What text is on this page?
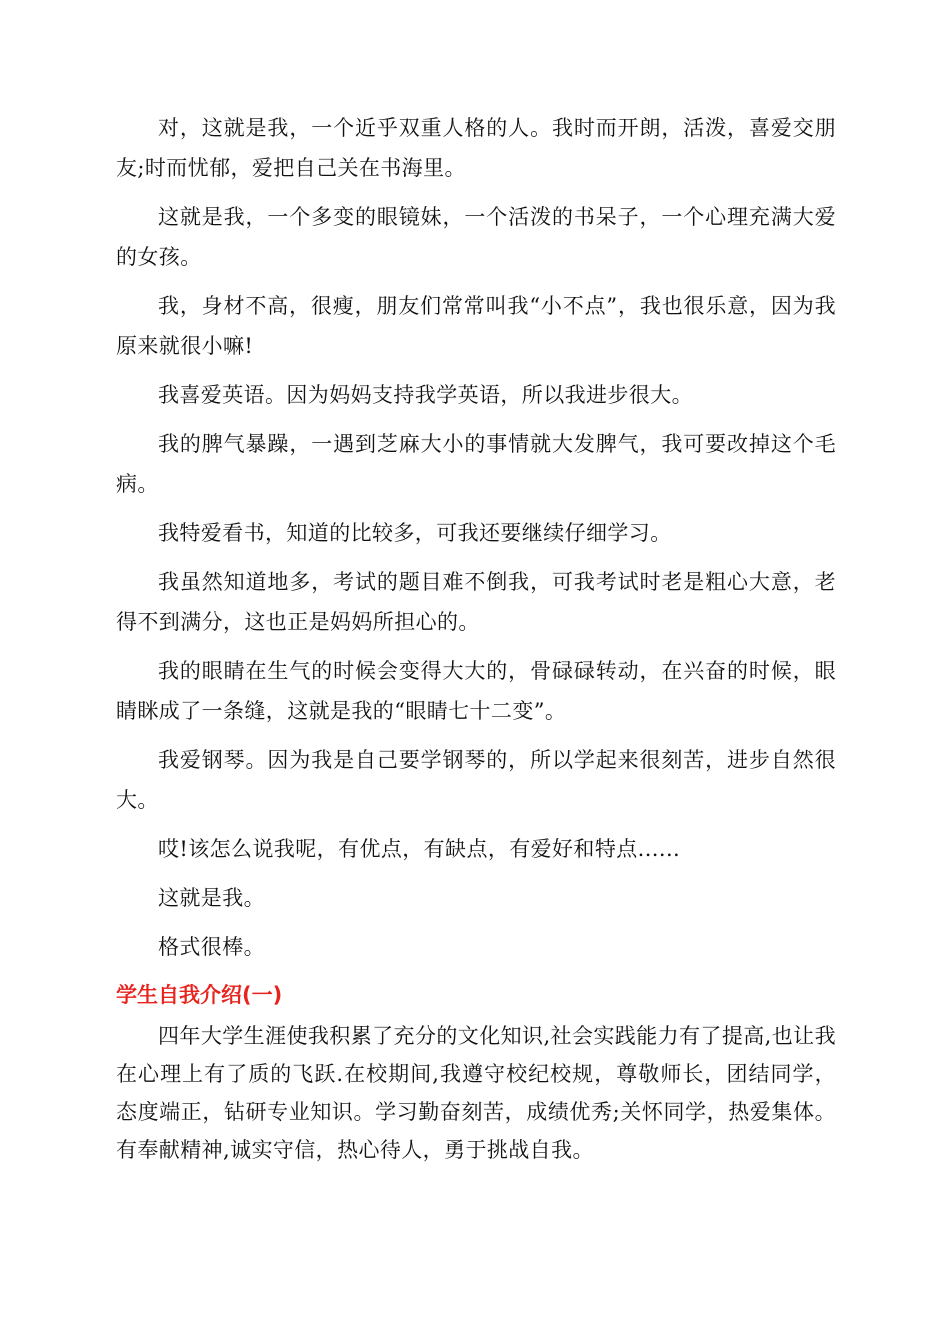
对，这就是我，一个近乎双重人格的人。我时而开朗，活泼，喜爱交朋友;时而忧郁，爱把自己关在书海里。

这就是我，一个多变的眼镜妹，一个活泼的书呆子，一个心理充满大爱的女孩。

我，身材不高，很瘦，朋友们常常叫我“小不点”，我也很乐意，因为我原来就很小嘛!

我喜爱英语。因为妈妈支持我学英语，所以我进步很大。

我的脾气暴躁，一遇到芝麻大小的事情就大发脾气，我可要改掉这个毛病。

我特爱看书，知道的比较多，可我还要继续仔细学习。

我虽然知道地多，考试的题目难不倒我，可我考试时老是粗心大意，老得不到满分，这也正是妈妈所担心的。

我的眼睛在生气的时候会变得大大的，骨碌碌转动，在兴奋的时候，眼睛眯成了一条缝，这就是我的“眼睛七十二变”。

我爱钢琴。因为我是自己要学钢琴的，所以学起来很刻苦，进步自然很大。

哎!该怎么说我呢，有优点，有缺点，有爱好和特点......

这就是我。

格式很棒。

学生自我介绍(一)

四年大学生涯使我积累了充分的文化知识,社会实践能力有了提高,也让我在心理上有了质的飞跃.在校期间,我遵守校纪校规，尊敬师长，团结同学，态度端正，钻研专业知识。学习勤奋刻苦，成绩优秀;关怀同学，热爱集体。有奉献精神,诚实守信，热心待人，勇于挑战自我。
